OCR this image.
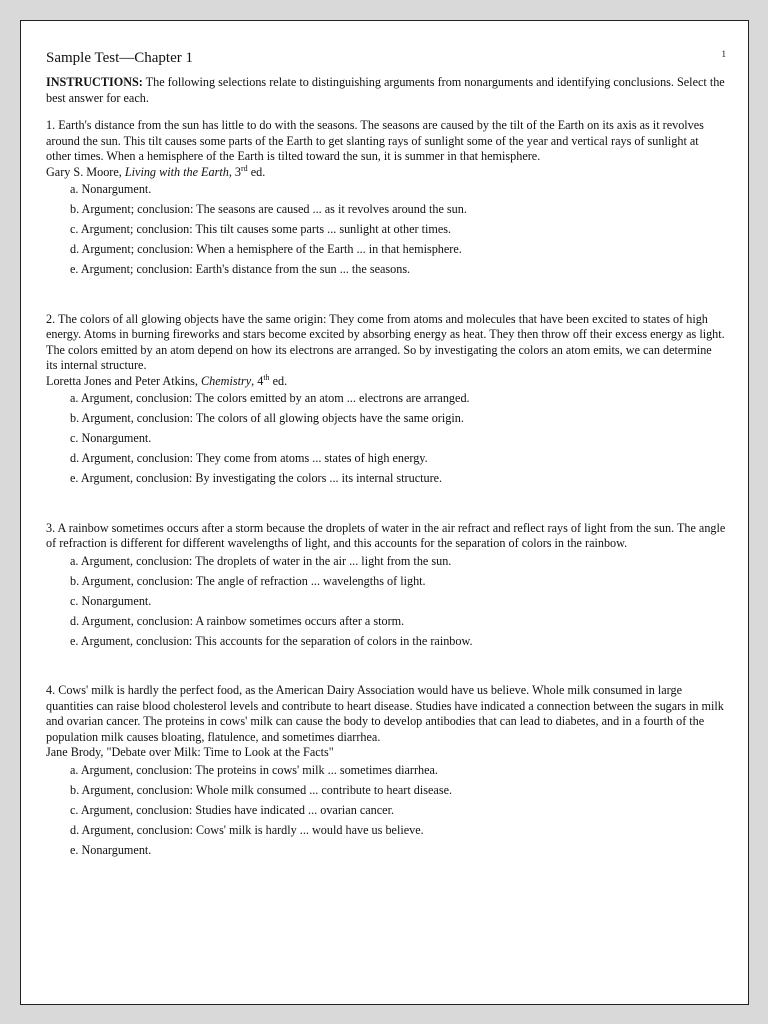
Sample Test—Chapter 1	1
INSTRUCTIONS: The following selections relate to distinguishing arguments from nonarguments and identifying conclusions. Select the best answer for each.
1. Earth's distance from the sun has little to do with the seasons. The seasons are caused by the tilt of the Earth on its axis as it revolves around the sun. This tilt causes some parts of the Earth to get slanting rays of sunlight some of the year and vertical rays of sunlight at other times. When a hemisphere of the Earth is tilted toward the sun, it is summer in that hemisphere.
Gary S. Moore, Living with the Earth, 3rd ed.
a. Nonargument.
b. Argument; conclusion: The seasons are caused ... as it revolves around the sun.
c. Argument; conclusion: This tilt causes some parts ... sunlight at other times.
d. Argument; conclusion: When a hemisphere of the Earth ... in that hemisphere.
e. Argument; conclusion: Earth's distance from the sun ... the seasons.
2. The colors of all glowing objects have the same origin: They come from atoms and molecules that have been excited to states of high energy. Atoms in burning fireworks and stars become excited by absorbing energy as heat. They then throw off their excess energy as light. The colors emitted by an atom depend on how its electrons are arranged. So by investigating the colors an atom emits, we can determine its internal structure.
Loretta Jones and Peter Atkins, Chemistry, 4th ed.
a. Argument, conclusion: The colors emitted by an atom ... electrons are arranged.
b. Argument, conclusion: The colors of all glowing objects have the same origin.
c. Nonargument.
d. Argument, conclusion: They come from atoms ... states of high energy.
e. Argument, conclusion: By investigating the colors ... its internal structure.
3. A rainbow sometimes occurs after a storm because the droplets of water in the air refract and reflect rays of light from the sun. The angle of refraction is different for different wavelengths of light, and this accounts for the separation of colors in the rainbow.
a. Argument, conclusion: The droplets of water in the air ... light from the sun.
b. Argument, conclusion: The angle of refraction ... wavelengths of light.
c. Nonargument.
d. Argument, conclusion: A rainbow sometimes occurs after a storm.
e. Argument, conclusion: This accounts for the separation of colors in the rainbow.
4. Cows' milk is hardly the perfect food, as the American Dairy Association would have us believe. Whole milk consumed in large quantities can raise blood cholesterol levels and contribute to heart disease. Studies have indicated a connection between the sugars in milk and ovarian cancer. The proteins in cows' milk can cause the body to develop antibodies that can lead to diabetes, and in a fourth of the population milk causes bloating, flatulence, and sometimes diarrhea.
Jane Brody, "Debate over Milk: Time to Look at the Facts"
a. Argument, conclusion: The proteins in cows' milk ... sometimes diarrhea.
b. Argument, conclusion: Whole milk consumed ... contribute to heart disease.
c. Argument, conclusion: Studies have indicated ... ovarian cancer.
d. Argument, conclusion: Cows' milk is hardly ... would have us believe.
e. Nonargument.
